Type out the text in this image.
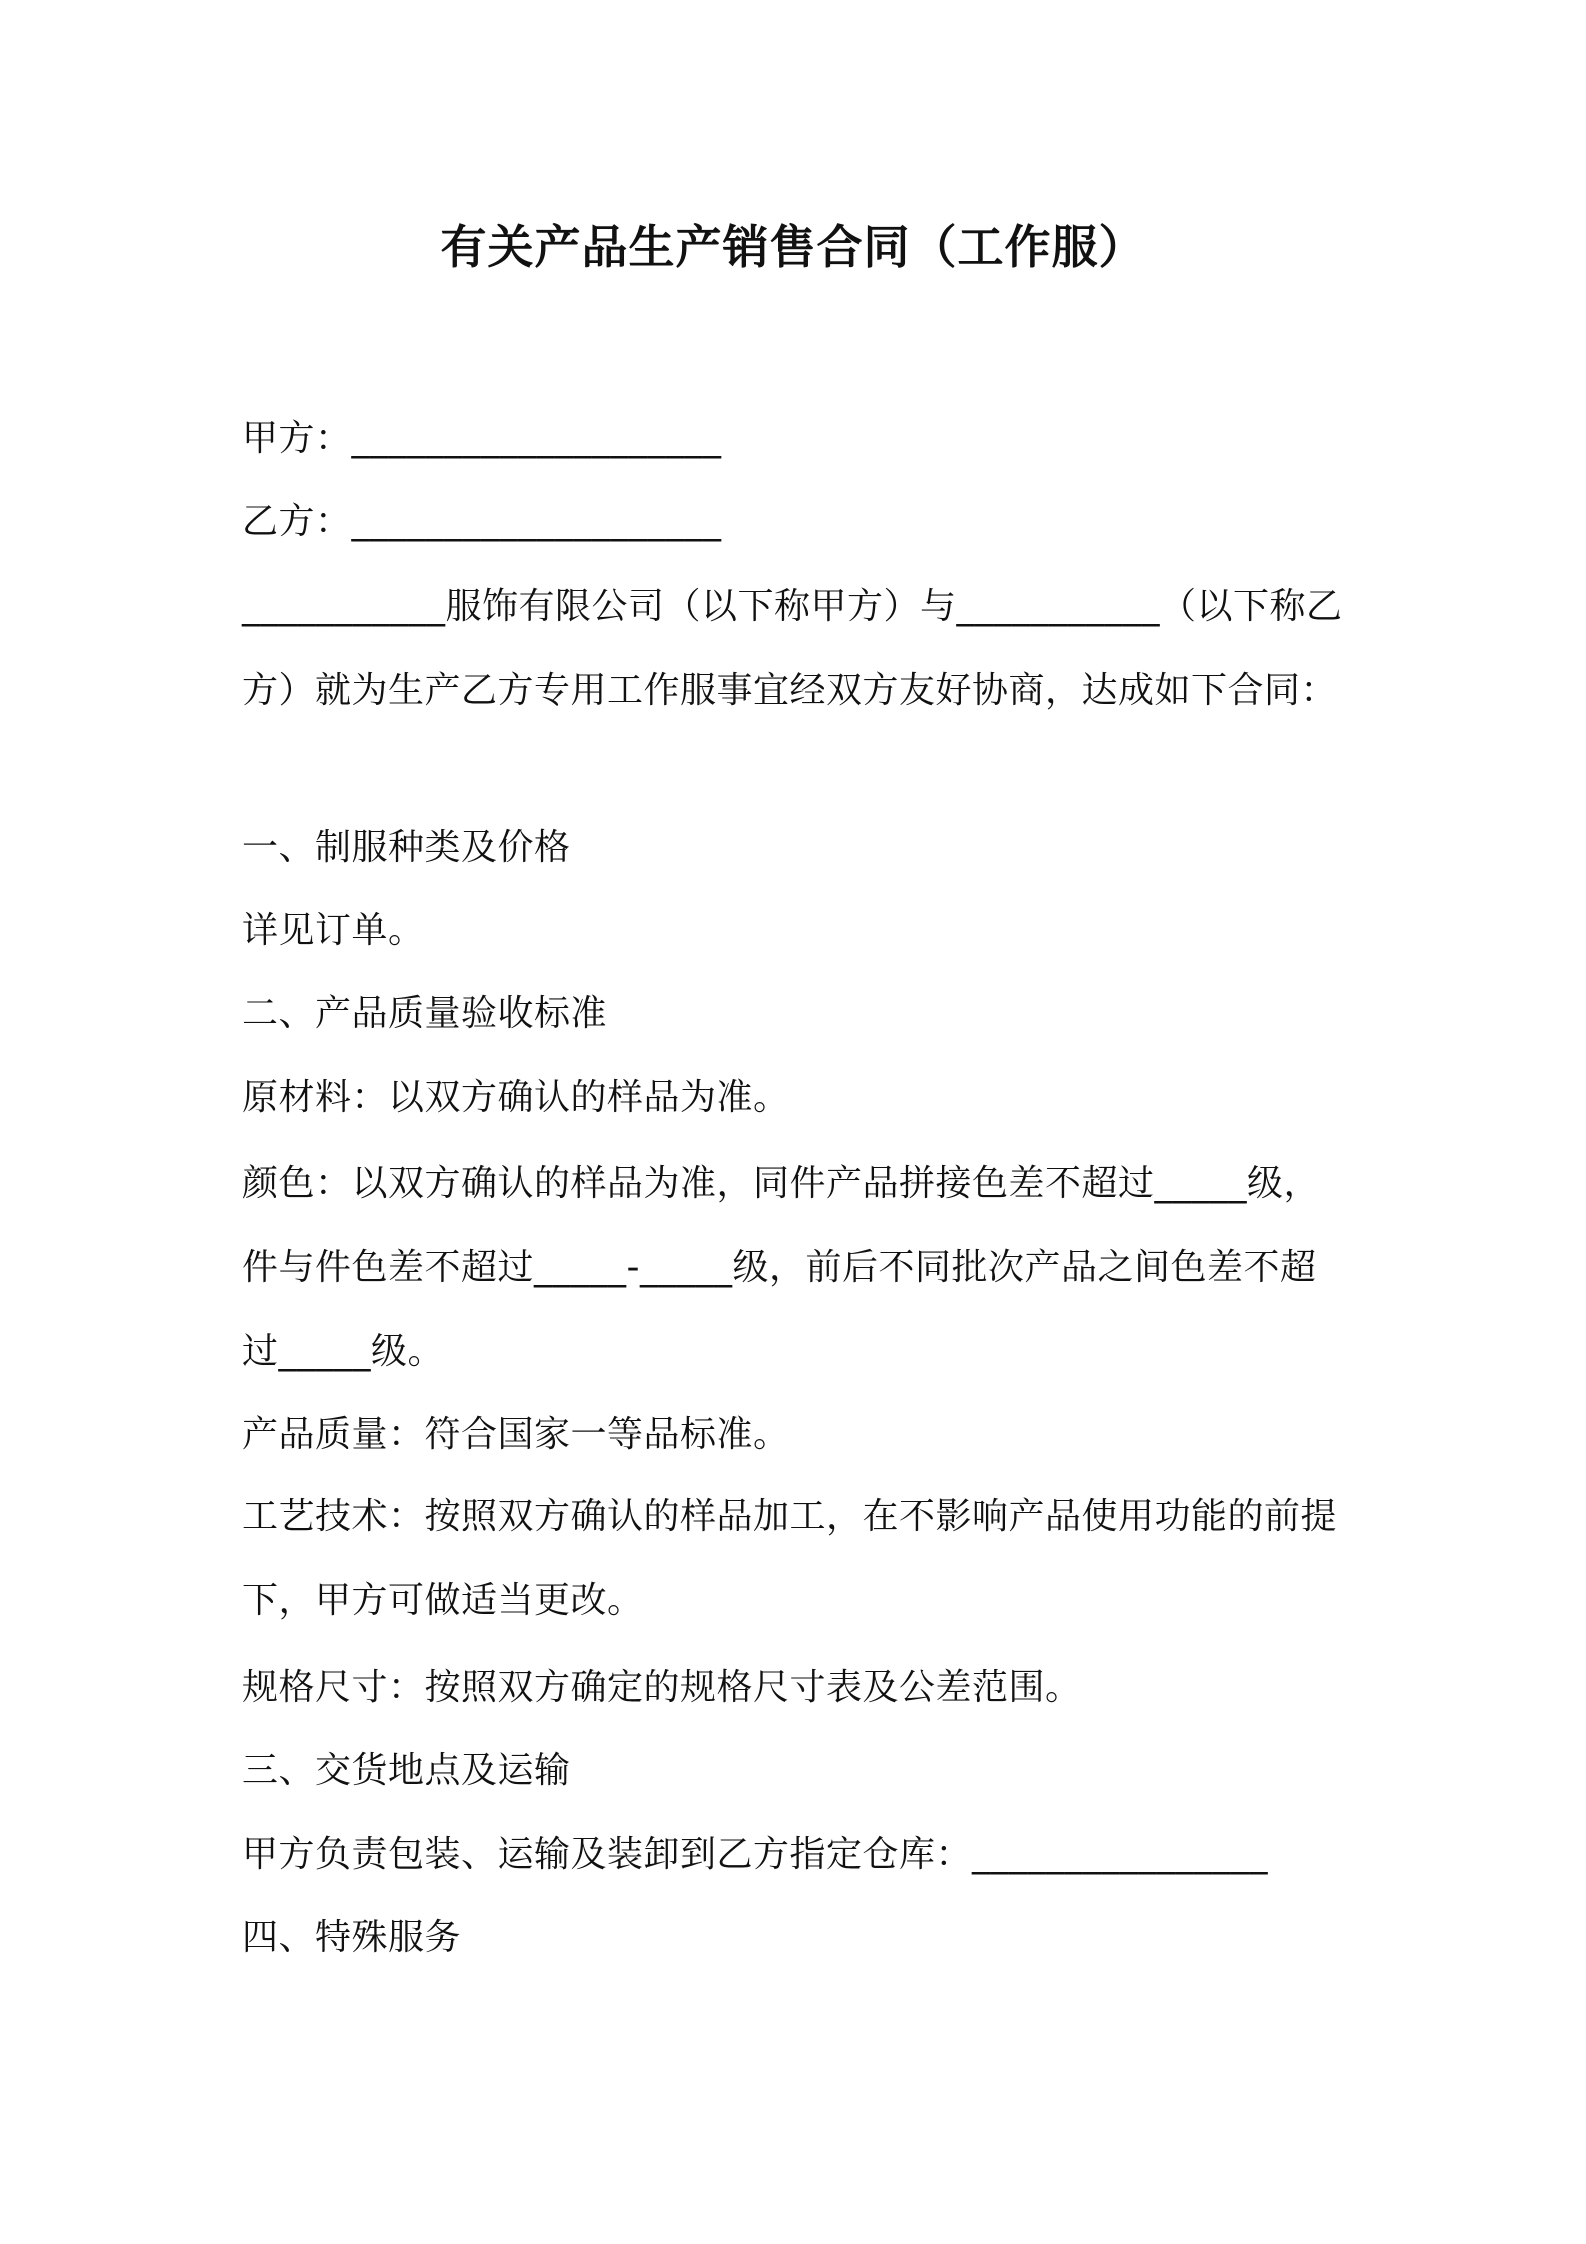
有关产品生产销售合同（工作服）
甲方：____________________
乙方：____________________
___________服饰有限公司（以下称甲方）与___________（以下称乙方）就为生产乙方专用工作服事宜经双方友好协商，达成如下合同：
一、制服种类及价格
详见订单。
二、产品质量验收标准
原材料：以双方确认的样品为准。
颜色：以双方确认的样品为准，同件产品拼接色差不超过_____级，件与件色差不超过_____-_____级，前后不同批次产品之间色差不超过_____级。
产品质量：符合国家一等品标准。
工艺技术：按照双方确认的样品加工，在不影响产品使用功能的前提下，甲方可做适当更改。
规格尺寸：按照双方确定的规格尺寸表及公差范围。
三、交货地点及运输
甲方负责包装、运输及装卸到乙方指定仓库：________________
四、特殊服务
